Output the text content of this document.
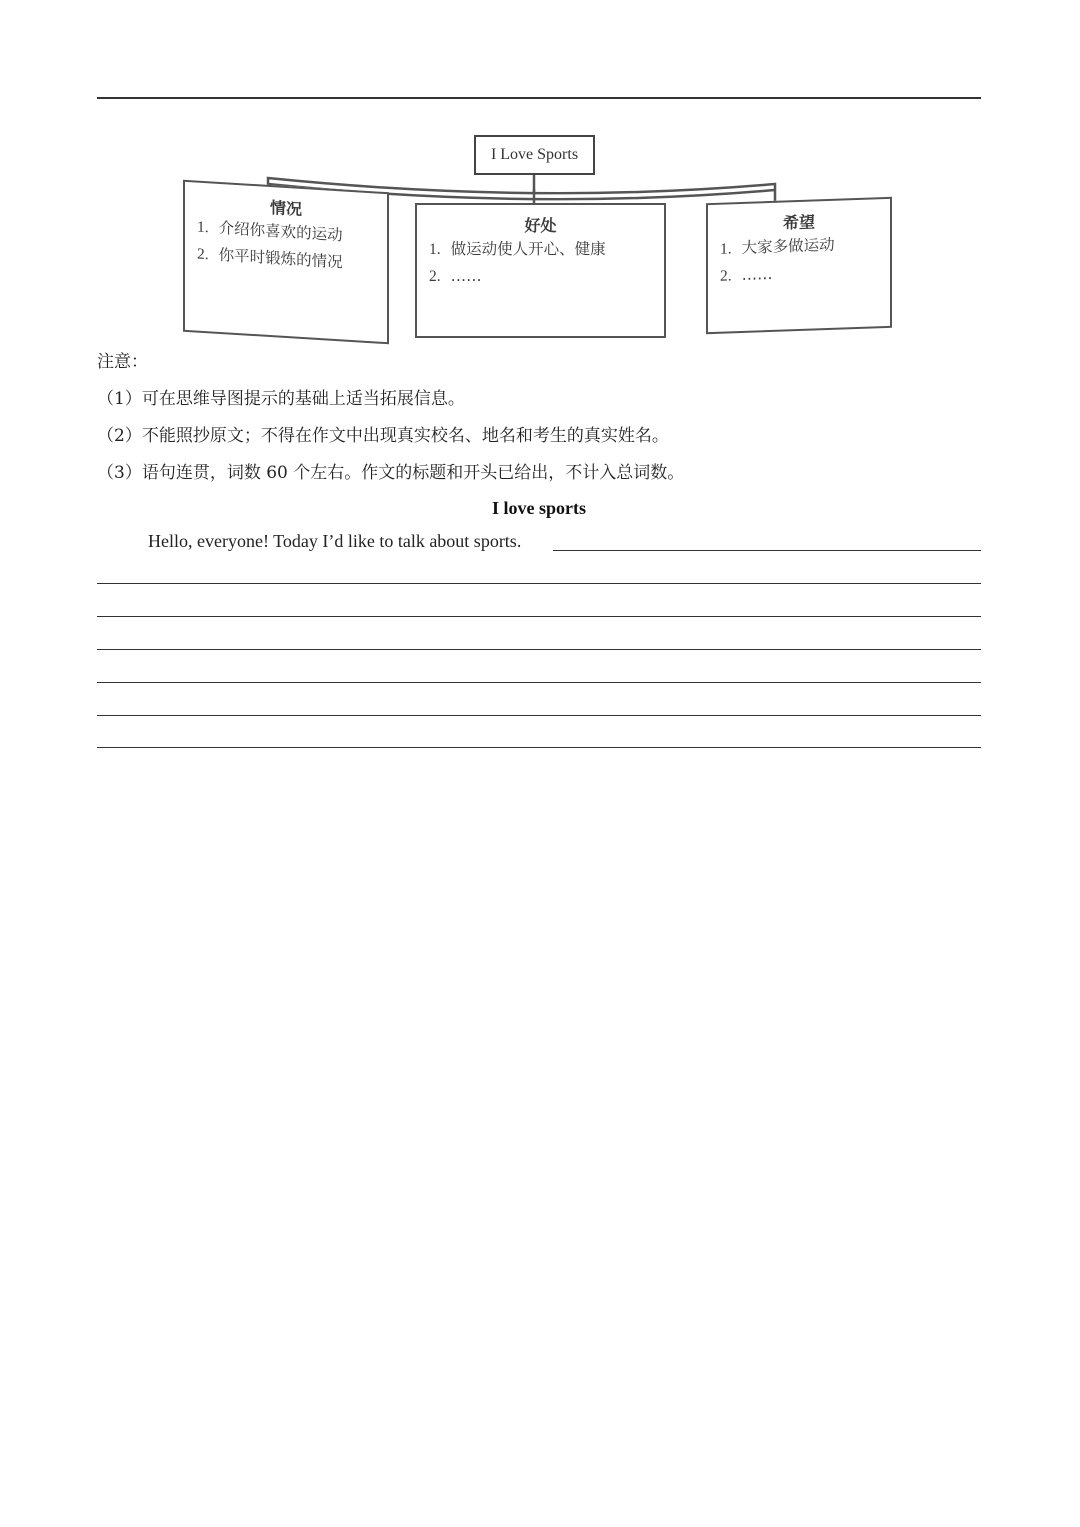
I Love Sports
情况
1. 介绍你喜欢的运动
2. 你平时锻炼的情况
好处
1. 做运动使人开心、健康
2. ……
希望
1. 大家多做运动
2. ……
注意：
（1）可在思维导图提示的基础上适当拓展信息。
（2）不能照抄原文；不得在作文中出现真实校名、地名和考生的真实姓名。
（3）语句连贯，词数 60 个左右。作文的标题和开头已给出，不计入总词数。
I love sports
Hello, everyone! Today I’d like to talk about sports.
